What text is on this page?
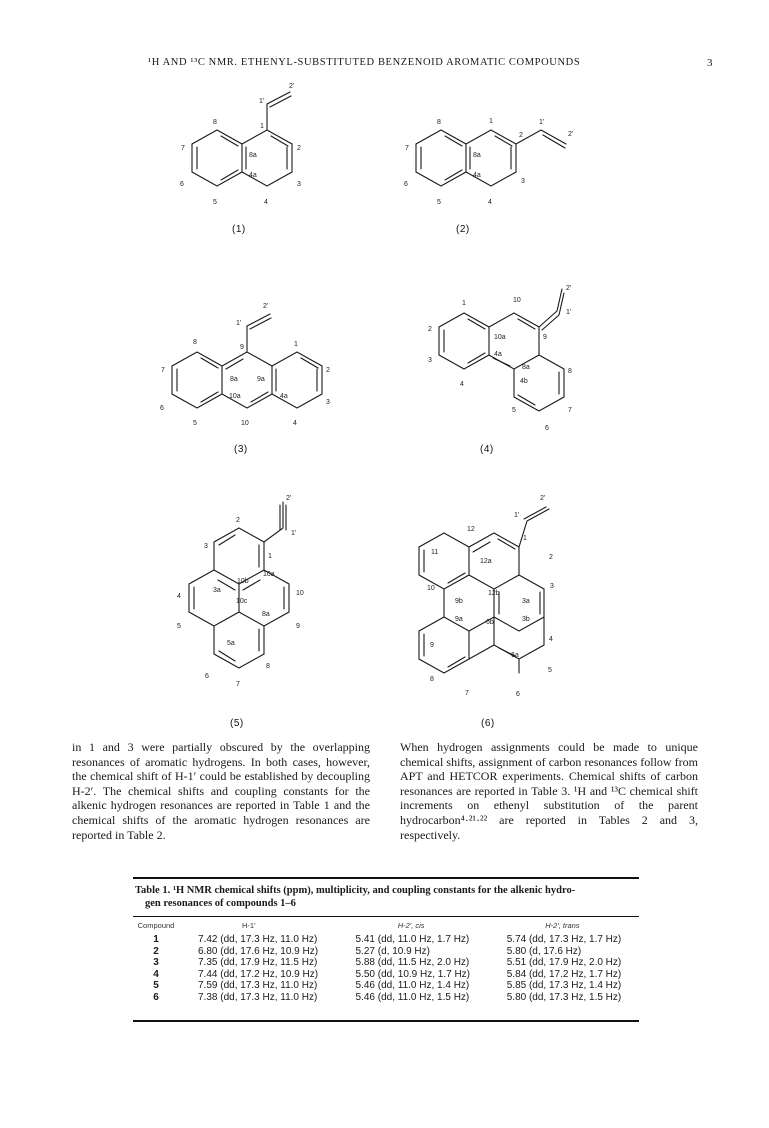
¹H AND ¹³C NMR. ETHENYL-SUBSTITUTED BENZENOID AROMATIC COMPOUNDS	3
2'
1'
8
1
7
8a
2
4a
3
6
5	4
(1)
8	1	1'
2	2'
7
8a
4a
3
6
5	4
(2)
2'
1'
8
9	1
7
8a	9a
2
10a	4a
3
6
5	10	4
(3)
2'
1	10
1'
2
10a	9
3
4a
8a
4b
8
4
5	7
6
(4)
2'
2
1'
3
1
10a
10b
3a	10
4
10c
8a
5	9
5a
6
8
7
2'
1'
12
1
11
12a
2
10
12b
3
9b	3a
9a	6b	3b
4
9
6a
5
8
7	6
(5)	(6)
in 1 and 3 were partially obscured by the overlapping resonances of aromatic hydrogens. In both cases, however, the chemical shift of H-1′ could be established by decoupling H-2′. The chemical shifts and coupling constants for the alkenic hydrogen resonances are reported in Table 1 and the chemical shifts of the aromatic hydrogen resonances are reported in Table 2.
When hydrogen assignments could be made to unique chemical shifts, assignment of carbon resonances follow from APT and HETCOR experiments. Chemical shifts of carbon resonances are reported in Table 3. ¹H and ¹³C chemical shift increments on ethenyl substitution of the parent hydrocarbon⁴·²¹·²² are reported in Tables 2 and 3, respectively.
Table 1. ¹H NMR chemical shifts (ppm), multiplicity, and coupling constants for the alkenic hydro-
gen resonances of compounds 1–6
Compound	H-1'	H-2', cis	H-2', trans
1	7.42 (dd, 17.3 Hz, 11.0 Hz)	5.41 (dd, 11.0 Hz, 1.7 Hz)	5.74 (dd, 17.3 Hz, 1.7 Hz)
2	6.80 (dd, 17.6 Hz, 10.9 Hz)	5.27 (d, 10.9 Hz)	5.80 (d, 17.6 Hz)
3	7.35 (dd, 17.9 Hz, 11.5 Hz)	5.88 (dd, 11.5 Hz, 2.0 Hz)	5.51 (dd, 17.9 Hz, 2.0 Hz)
4	7.44 (dd, 17.2 Hz, 10.9 Hz)	5.50 (dd, 10.9 Hz, 1.7 Hz)	5.84 (dd, 17.2 Hz, 1.7 Hz)
5	7.59 (dd, 17.3 Hz, 11.0 Hz)	5.46 (dd, 11.0 Hz, 1.4 Hz)	5.85 (dd, 17.3 Hz, 1.4 Hz)
6	7.38 (dd, 17.3 Hz, 11.0 Hz)	5.46 (dd, 11.0 Hz, 1.5 Hz)	5.80 (dd, 17.3 Hz, 1.5 Hz)
